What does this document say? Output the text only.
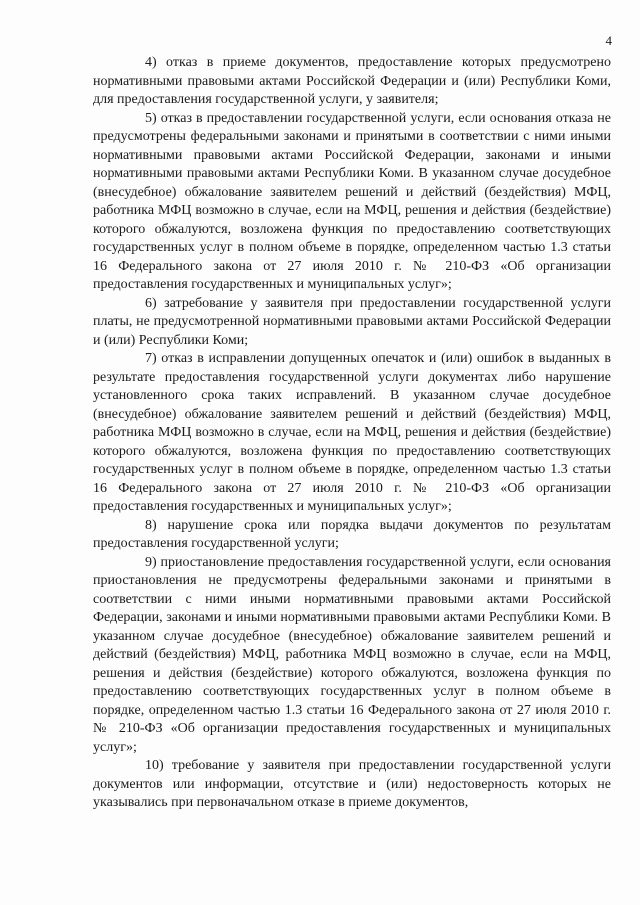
4

4) отказ в приеме документов, предоставление которых предусмотрено нормативными правовыми актами Российской Федерации и (или) Республики Коми, для предоставления государственной услуги, у заявителя;

5) отказ в предоставлении государственной услуги, если основания отказа не предусмотрены федеральными законами и принятыми в соответствии с ними иными нормативными правовыми актами Российской Федерации, законами и иными нормативными правовыми актами Республики Коми. В указанном случае досудебное (внесудебное) обжалование заявителем решений и действий (бездействия) МФЦ, работника МФЦ возможно в случае, если на МФЦ, решения и действия (бездействие) которого обжалуются, возложена функция по предоставлению соответствующих государственных услуг в полном объеме в порядке, определенном частью 1.3 статьи 16 Федерального закона от 27 июля 2010 г. № 210-ФЗ «Об организации предоставления государственных и муниципальных услуг»;

6) затребование у заявителя при предоставлении государственной услуги платы, не предусмотренной нормативными правовыми актами Российской Федерации и (или) Республики Коми;

7) отказ в исправлении допущенных опечаток и (или) ошибок в выданных в результате предоставления государственной услуги документах либо нарушение установленного срока таких исправлений. В указанном случае досудебное (внесудебное) обжалование заявителем решений и действий (бездействия) МФЦ, работника МФЦ возможно в случае, если на МФЦ, решения и действия (бездействие) которого обжалуются, возложена функция по предоставлению соответствующих государственных услуг в полном объеме в порядке, определенном частью 1.3 статьи 16 Федерального закона от 27 июля 2010 г. № 210-ФЗ «Об организации предоставления государственных и муниципальных услуг»;

8) нарушение срока или порядка выдачи документов по результатам предоставления государственной услуги;

9) приостановление предоставления государственной услуги, если основания приостановления не предусмотрены федеральными законами и принятыми в соответствии с ними иными нормативными правовыми актами Российской Федерации, законами и иными нормативными правовыми актами Республики Коми. В указанном случае досудебное (внесудебное) обжалование заявителем решений и действий (бездействия) МФЦ, работника МФЦ возможно в случае, если на МФЦ, решения и действия (бездействие) которого обжалуются, возложена функция по предоставлению соответствующих государственных услуг в полном объеме в порядке, определенном частью 1.3 статьи 16 Федерального закона от 27 июля 2010 г. № 210-ФЗ «Об организации предоставления государственных и муниципальных услуг»;

10) требование у заявителя при предоставлении государственной услуги документов или информации, отсутствие и (или) недостоверность которых не указывались при первоначальном отказе в приеме документов,
